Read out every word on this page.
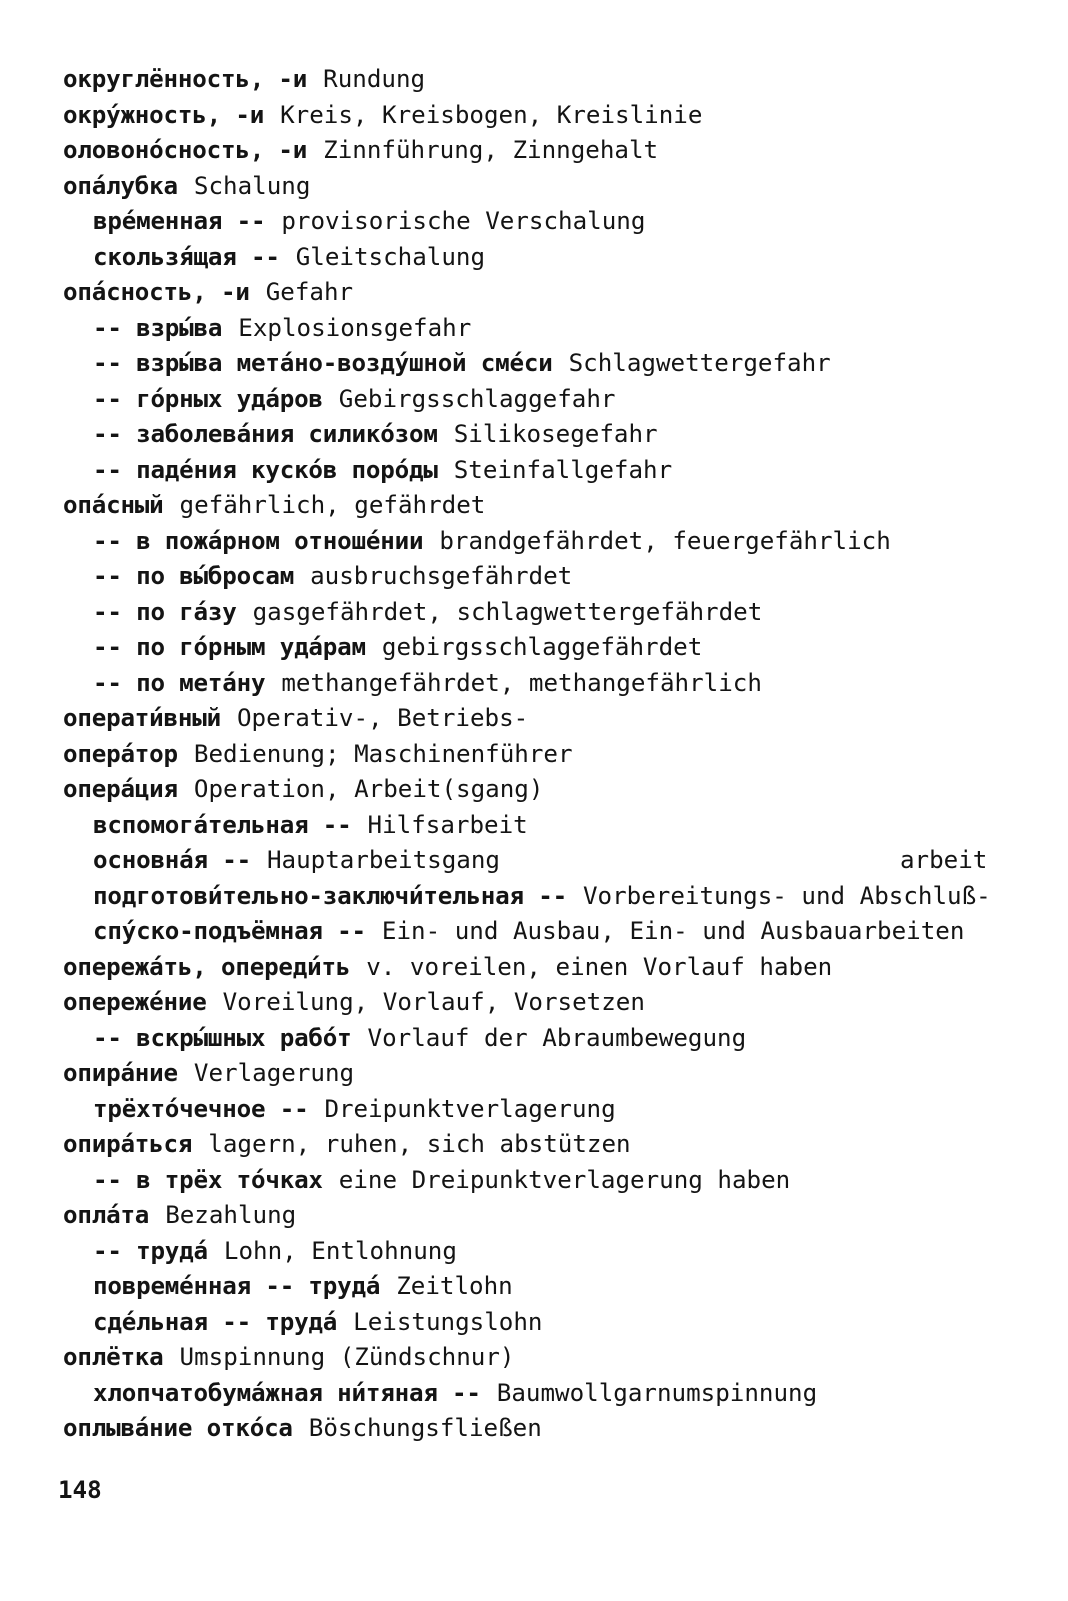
округлённость, -и Rundung
окру́жность, -и Kreis, Kreisbogen, Kreislinie
оловоно́сность, -и Zinnführung, Zinngehalt
опа́лубка Schalung
вре́менная -- provisorische Verschalung
скользя́щая -- Gleitschalung
опа́сность, -и Gefahr
-- взры́ва Explosionsgefahr
-- взры́ва мета́но-возду́шной сме́си Schlagwettergefahr
-- го́рных уда́ров Gebirgsschlaggefahr
-- заболева́ния силико́зом Silikosegefahr
-- паде́ния куско́в поро́ды Steinfallgefahr
опа́сный gefährlich, gefährdet
-- в пожа́рном отноше́нии brandgefährdet, feuergefährlich
-- по вы́бросам ausbruchsgefährdet
-- по га́зу gasgefährdet, schlagwettergefährdet
-- по го́рным уда́рам gebirgsschlaggefährdet
-- по мета́ну methangefährdet, methangefährlich
операти́вный Operativ-, Betriebs-
опера́тор Bedienung; Maschinenführer
опера́ция Operation, Arbeit(sgang)
вспомога́тельная -- Hilfsarbeit
основна́я -- Hauptarbeitsgang	arbeit
подготови́тельно-заключи́тельная -- Vorbereitungs- und Abschluß-
спу́ско-подъёмная -- Ein- und Ausbau, Ein- und Ausbauarbeiten
опережа́ть, опереди́ть v. voreilen, einen Vorlauf haben
опереже́ние Voreilung, Vorlauf, Vorsetzen
-- вскры́шных рабо́т Vorlauf der Abraumbewegung
опира́ние Verlagerung
трёхто́чечное -- Dreipunktverlagerung
опира́ться lagern, ruhen, sich abstützen
-- в трёх то́чках eine Dreipunktverlagerung haben
опла́та Bezahlung
-- труда́ Lohn, Entlohnung
повреме́нная -- труда́ Zeitlohn
сде́льная -- труда́ Leistungslohn
оплётка Umspinnung (Zündschnur)
хлопчатобума́жная ни́тяная -- Baumwollgarnumspinnung
оплыва́ние отко́са Böschungsfließen
148
